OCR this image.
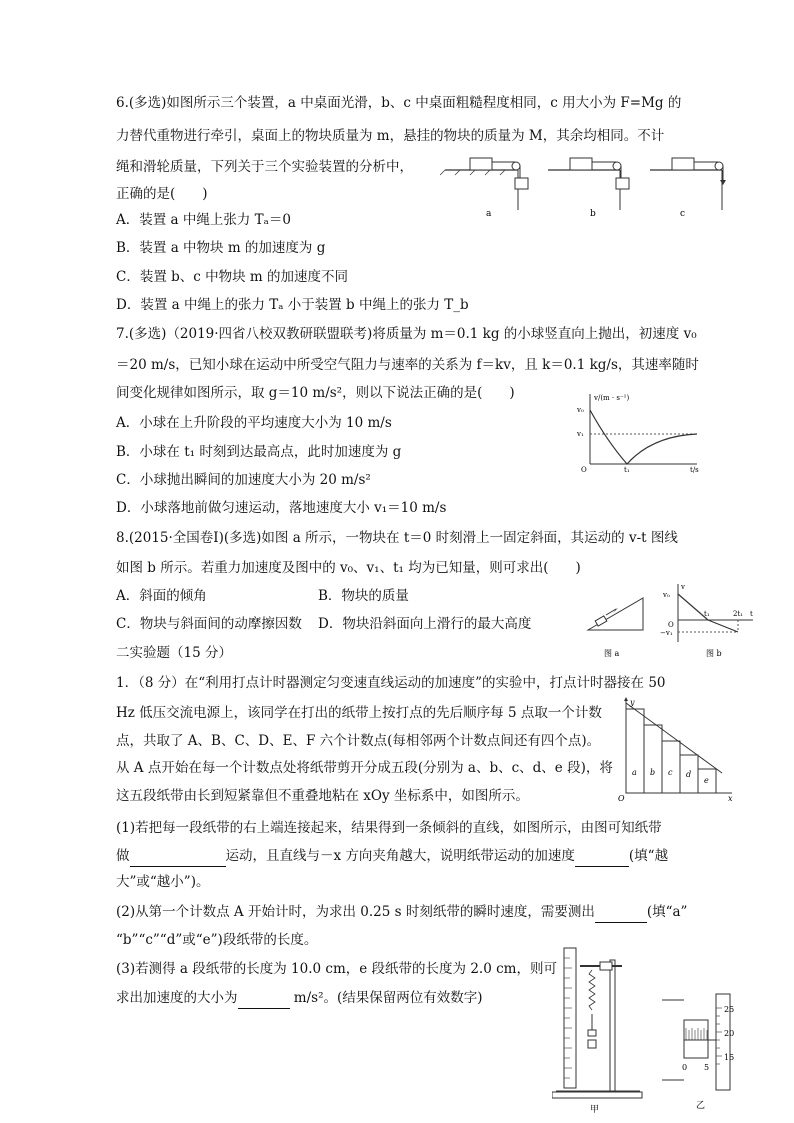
6.(多选)如图所示三个装置，a 中桌面光滑，b、c 中桌面粗糙程度相同，c 用大小为 F=Mg 的
力替代重物进行牵引，桌面上的物块质量为 m，悬挂的物块的质量为 M，其余均相同。不计
绳和滑轮质量，下列关于三个实验装置的分析中，
正确的是(　　)
A．装置 a 中绳上张力 Tₐ＝0
B．装置 a 中物块 m 的加速度为 g
C．装置 b、c 中物块 m 的加速度不同
D．装置 a 中绳上的张力 Tₐ 小于装置 b 中绳上的张力 T_b
a	b	c
7.(多选)（2019·四省八校双教研联盟联考)将质量为 m＝0.1 kg 的小球竖直向上抛出，初速度 v₀
＝20 m/s，已知小球在运动中所受空气阻力与速率的关系为 f＝kv，且 k＝0.1 kg/s，其速率随时
间变化规律如图所示，取 g＝10 m/s²，则以下说法正确的是(　　)
A．小球在上升阶段的平均速度大小为 10 m/s
B．小球在 t₁ 时刻到达最高点，此时加速度为 g
C．小球抛出瞬间的加速度大小为 20 m/s²
D．小球落地前做匀速运动，落地速度大小 v₁＝10 m/s
v/(m · s⁻¹)
v₀
v₁
O	t₁	t/s
8.(2015·全国卷Ⅰ)(多选)如图 a 所示，一物块在 t＝0 时刻滑上一固定斜面，其运动的 v-t 图线
如图 b 所示。若重力加速度及图中的 v₀、v₁、t₁ 均为已知量，则可求出(　　)
A．斜面的倾角	B．物块的质量
C．物块与斜面间的动摩擦因数 D．物块沿斜面向上滑行的最大高度
图 a
v
v₀
−v₁
O
t₁	2t₁ t
图 b
二实验题（15 分）
1．（8 分）在“利用打点计时器测定匀变速直线运动的加速度”的实验中，打点计时器接在 50
Hz 低压交流电源上，该同学在打出的纸带上按打点的先后顺序每 5 点取一个计数
点，共取了 A、B、C、D、E、F 六个计数点(每相邻两个计数点间还有四个点)。
从 A 点开始在每一个计数点处将纸带剪开分成五段(分别为 a、b、c、d、e 段)，将
这五段纸带由长到短紧靠但不重叠地粘在 xOy 坐标系中，如图所示。
(1)若把每一段纸带的右上端连接起来，结果得到一条倾斜的直线，如图所示，由图可知纸带
做	运动，且直线与－x 方向夹角越大，说明纸带运动的加速度	(填“越
大”或“越小”)。
(2)从第一个计数点 A 开始计时，为求出 0.25 s 时刻纸带的瞬时速度，需要测出	(填“a”
“b”“c”“d”或“e”)段纸带的长度。
(3)若测得 a 段纸带的长度为 10.0 cm，e 段纸带的长度为 2.0 cm，则可
求出加速度的大小为	m/s²。(结果保留两位有效数字)
y
x
O
a b c d
e
甲
25
20
15
0 5
乙
